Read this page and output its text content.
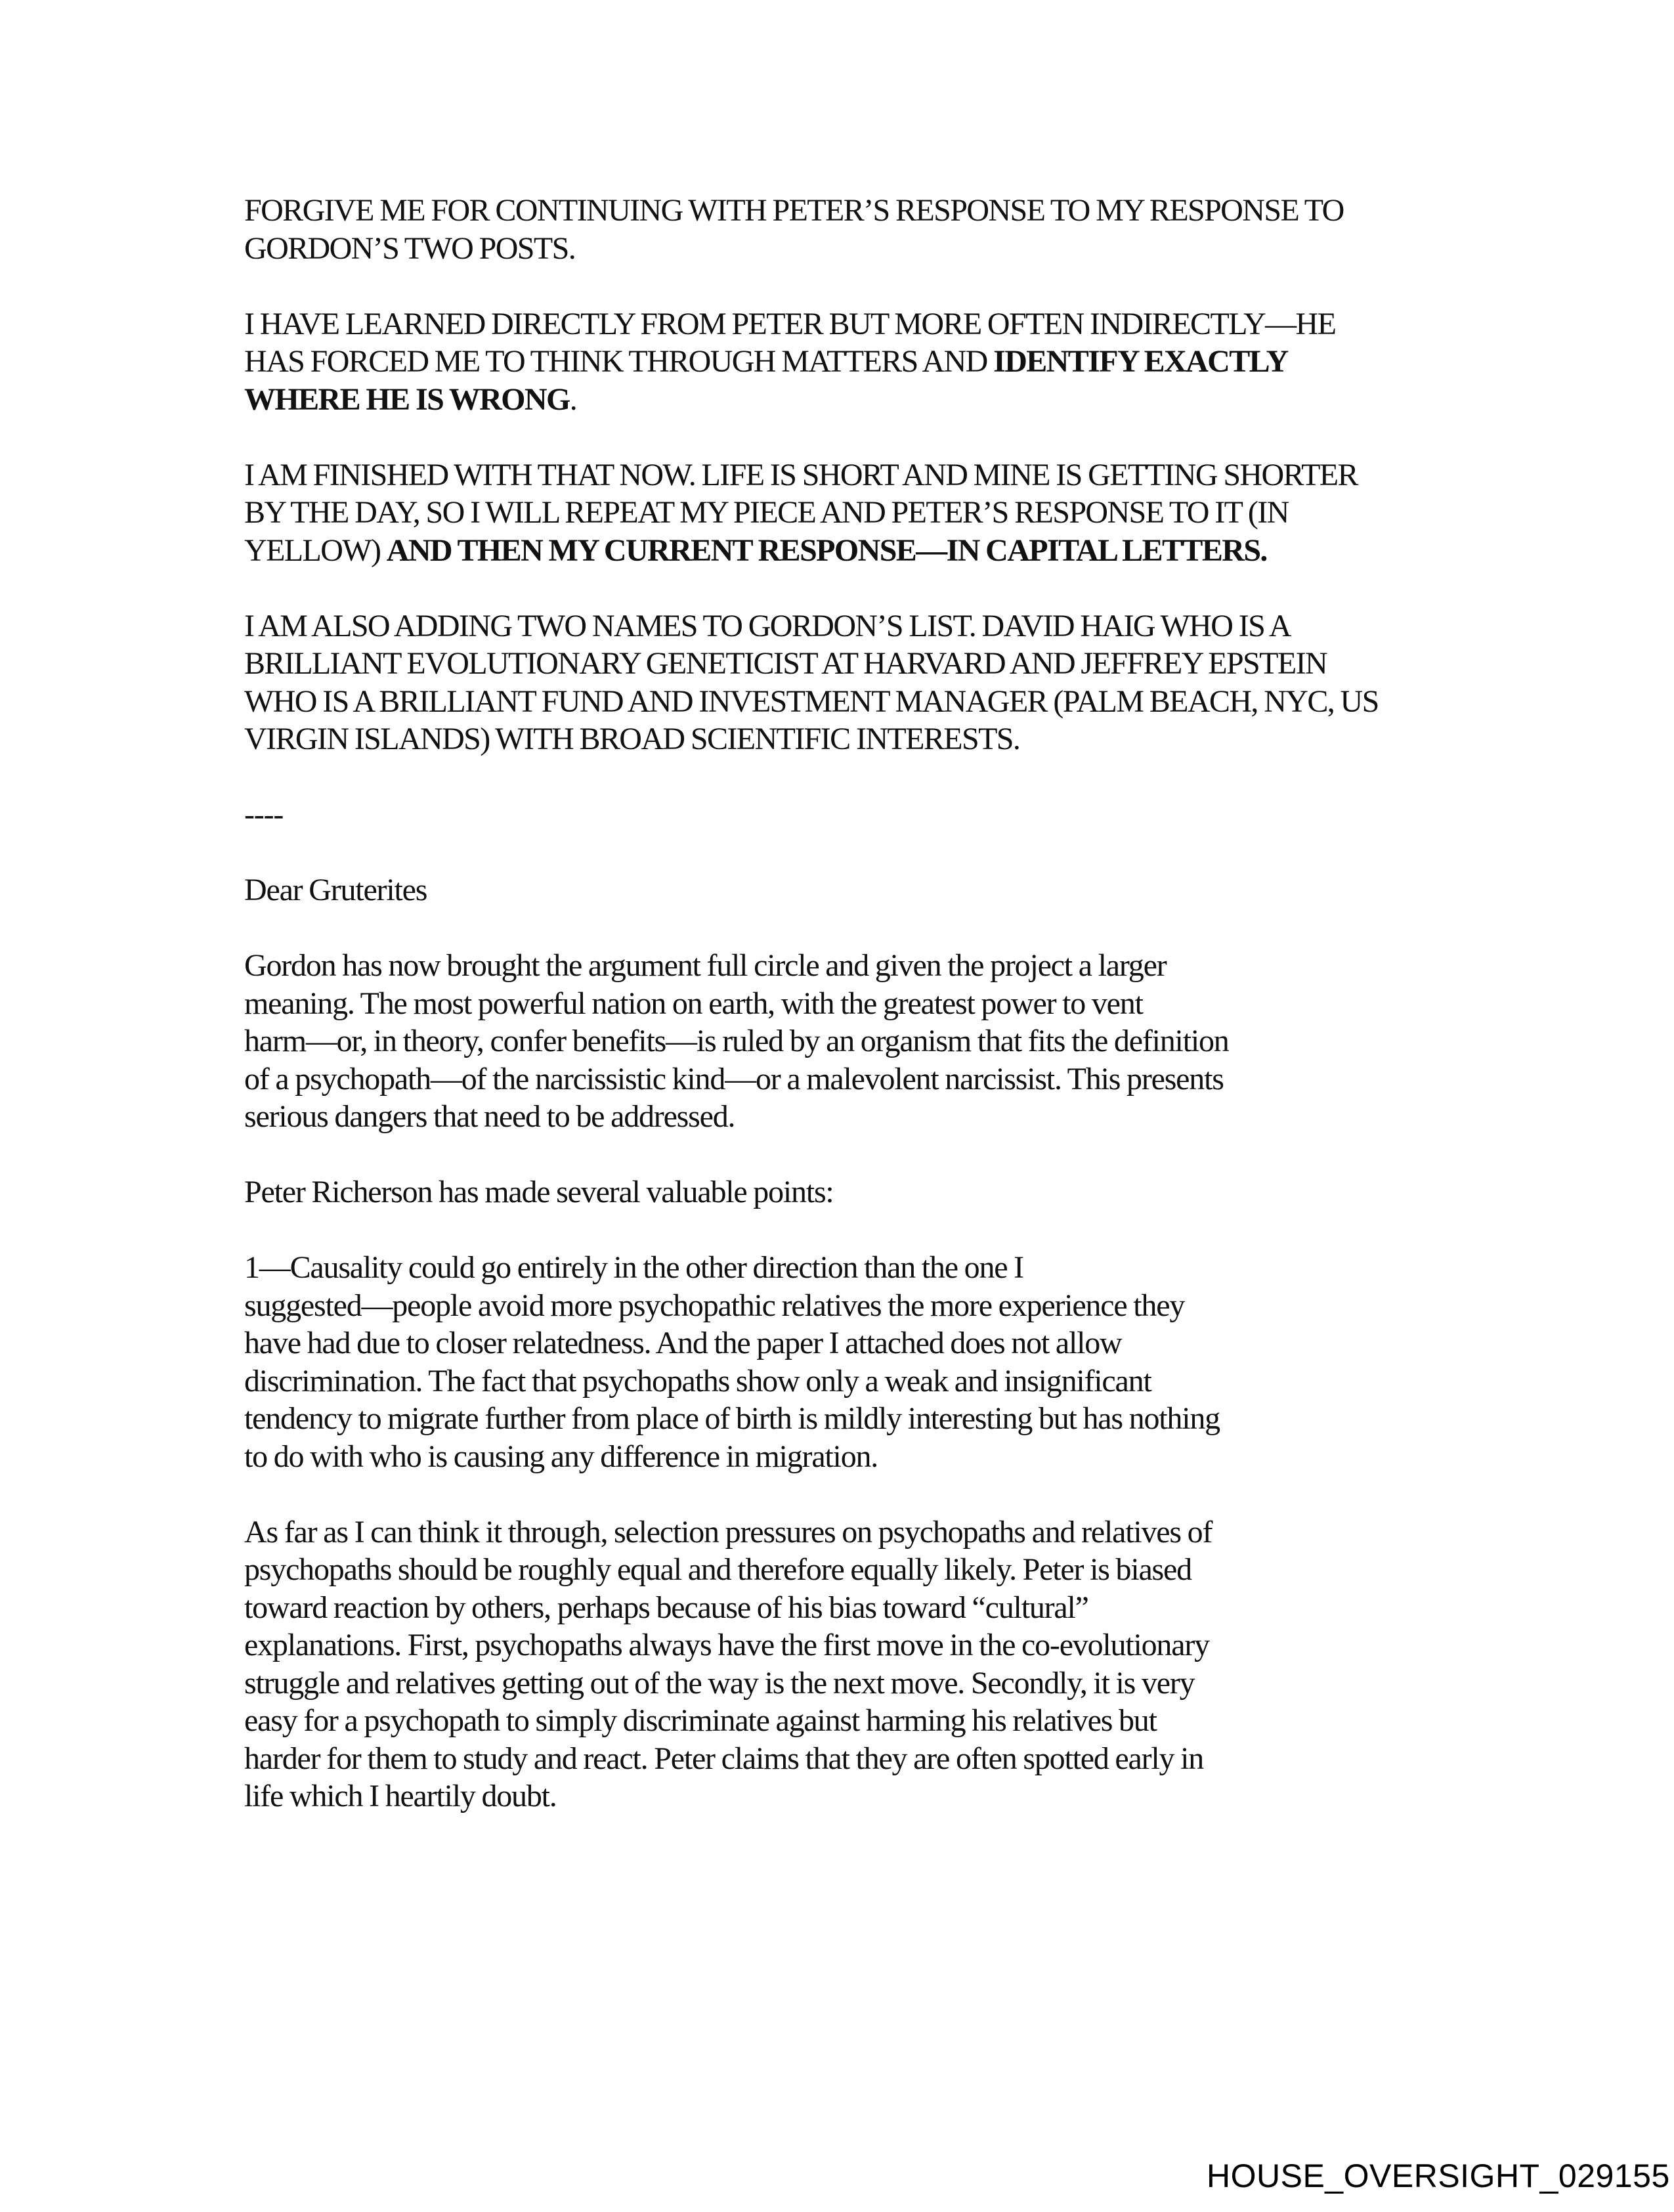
FORGIVE ME FOR CONTINUING WITH PETER’S RESPONSE TO MY RESPONSE TO
GORDON’S TWO POSTS.

I HAVE LEARNED DIRECTLY FROM PETER BUT MORE OFTEN INDIRECTLY—HE
HAS FORCED ME TO THINK THROUGH MATTERS AND IDENTIFY EXACTLY
WHERE HE IS WRONG.

I AM FINISHED WITH THAT NOW. LIFE IS SHORT AND MINE IS GETTING SHORTER
BY THE DAY, SO I WILL REPEAT MY PIECE AND PETER’S RESPONSE TO IT (IN
YELLOW) AND THEN MY CURRENT RESPONSE—IN CAPITAL LETTERS.

I AM ALSO ADDING TWO NAMES TO GORDON’S LIST. DAVID HAIG WHO IS A
BRILLIANT EVOLUTIONARY GENETICIST AT HARVARD AND JEFFREY EPSTEIN
WHO IS A BRILLIANT FUND AND INVESTMENT MANAGER (PALM BEACH, NYC, US
VIRGIN ISLANDS) WITH BROAD SCIENTIFIC INTERESTS.

----

Dear Gruterites

Gordon has now brought the argument full circle and given the project a larger
meaning. The most powerful nation on earth, with the greatest power to vent
harm—or, in theory, confer benefits—is ruled by an organism that fits the definition
of a psychopath—of the narcissistic kind—or a malevolent narcissist. This presents
serious dangers that need to be addressed.

Peter Richerson has made several valuable points:

1—Causality could go entirely in the other direction than the one I
suggested—people avoid more psychopathic relatives the more experience they
have had due to closer relatedness. And the paper I attached does not allow
discrimination. The fact that psychopaths show only a weak and insignificant
tendency to migrate further from place of birth is mildly interesting but has nothing
to do with who is causing any difference in migration.

As far as I can think it through, selection pressures on psychopaths and relatives of
psychopaths should be roughly equal and therefore equally likely. Peter is biased
toward reaction by others, perhaps because of his bias toward “cultural”
explanations. First, psychopaths always have the first move in the co-evolutionary
struggle and relatives getting out of the way is the next move. Secondly, it is very
easy for a psychopath to simply discriminate against harming his relatives but
harder for them to study and react. Peter claims that they are often spotted early in
life which I heartily doubt.

HOUSE_OVERSIGHT_029155
